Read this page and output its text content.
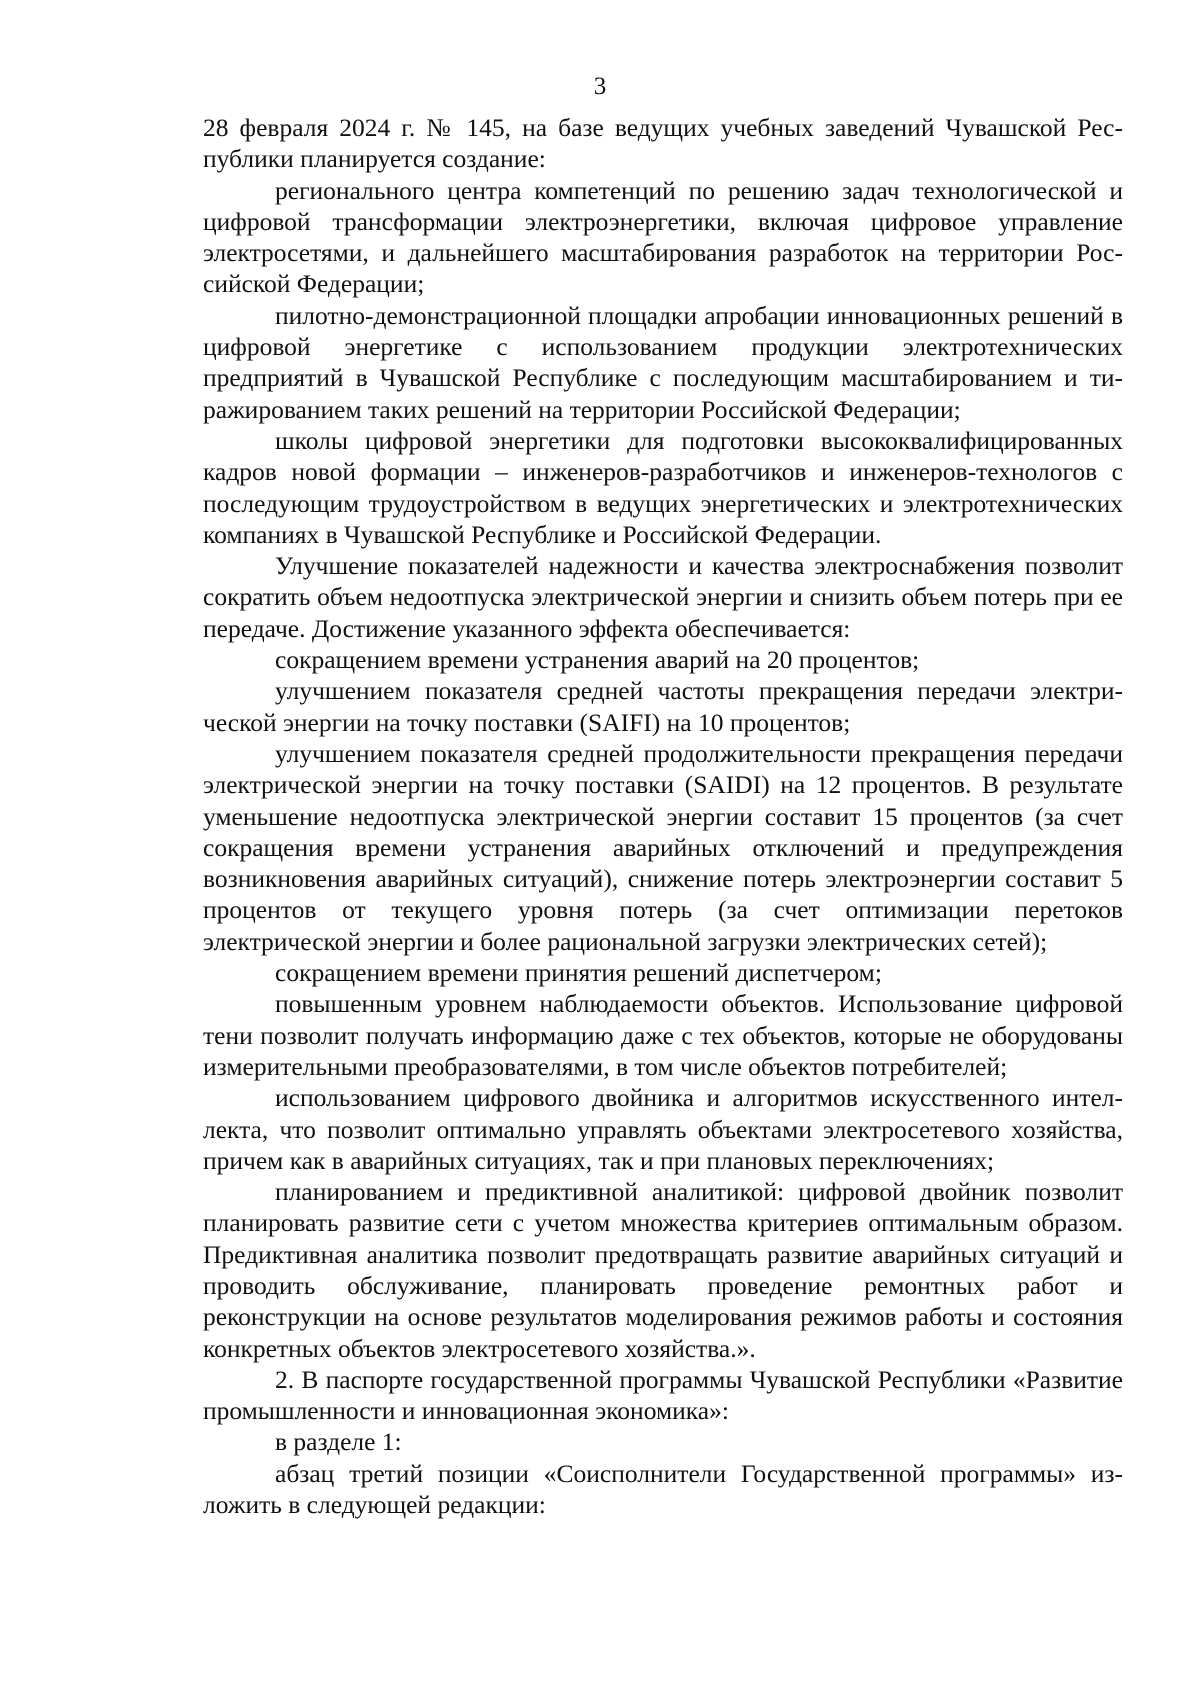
3

28 февраля 2024 г. № 145, на базе ведущих учебных заведений Чувашской Республики планируется создание:

регионального центра компетенций по решению задач технологической и цифровой трансформации электроэнергетики, включая цифровое управление электросетями, и дальнейшего масштабирования разработок на территории Российской Федерации;

пилотно-демонстрационной площадки апробации инновационных решений в цифровой энергетике с использованием продукции электротехнических предприятий в Чувашской Республике с последующим масштабированием и тиражированием таких решений на территории Российской Федерации;

школы цифровой энергетики для подготовки высококвалифицированных кадров новой формации – инженеров-разработчиков и инженеров-технологов с последующим трудоустройством в ведущих энергетических и электротехнических компаниях в Чувашской Республике и Российской Федерации.

Улучшение показателей надежности и качества электроснабжения позволит сократить объем недоотпуска электрической энергии и снизить объем потерь при ее передаче. Достижение указанного эффекта обеспечивается:

сокращением времени устранения аварий на 20 процентов;

улучшением показателя средней частоты прекращения передачи электрической энергии на точку поставки (SAIFI) на 10 процентов;

улучшением показателя средней продолжительности прекращения передачи электрической энергии на точку поставки (SAIDI) на 12 процентов. В результате уменьшение недоотпуска электрической энергии составит 15 процентов (за счет сокращения времени устранения аварийных отключений и предупреждения возникновения аварийных ситуаций), снижение потерь электроэнергии составит 5 процентов от текущего уровня потерь (за счет оптимизации перетоков электрической энергии и более рациональной загрузки электрических сетей);

сокращением времени принятия решений диспетчером;

повышенным уровнем наблюдаемости объектов. Использование цифровой тени позволит получать информацию даже с тех объектов, которые не оборудованы измерительными преобразователями, в том числе объектов потребителей;

использованием цифрового двойника и алгоритмов искусственного интеллекта, что позволит оптимально управлять объектами электросетевого хозяйства, причем как в аварийных ситуациях, так и при плановых переключениях;

планированием и предиктивной аналитикой: цифровой двойник позволит планировать развитие сети с учетом множества критериев оптимальным образом. Предиктивная аналитика позволит предотвращать развитие аварийных ситуаций и проводить обслуживание, планировать проведение ремонтных работ и реконструкции на основе результатов моделирования режимов работы и состояния конкретных объектов электросетевого хозяйства.».

2. В паспорте государственной программы Чувашской Республики «Развитие промышленности и инновационная экономика»:

в разделе 1:

абзац третий позиции «Соисполнители Государственной программы» изложить в следующей редакции:
